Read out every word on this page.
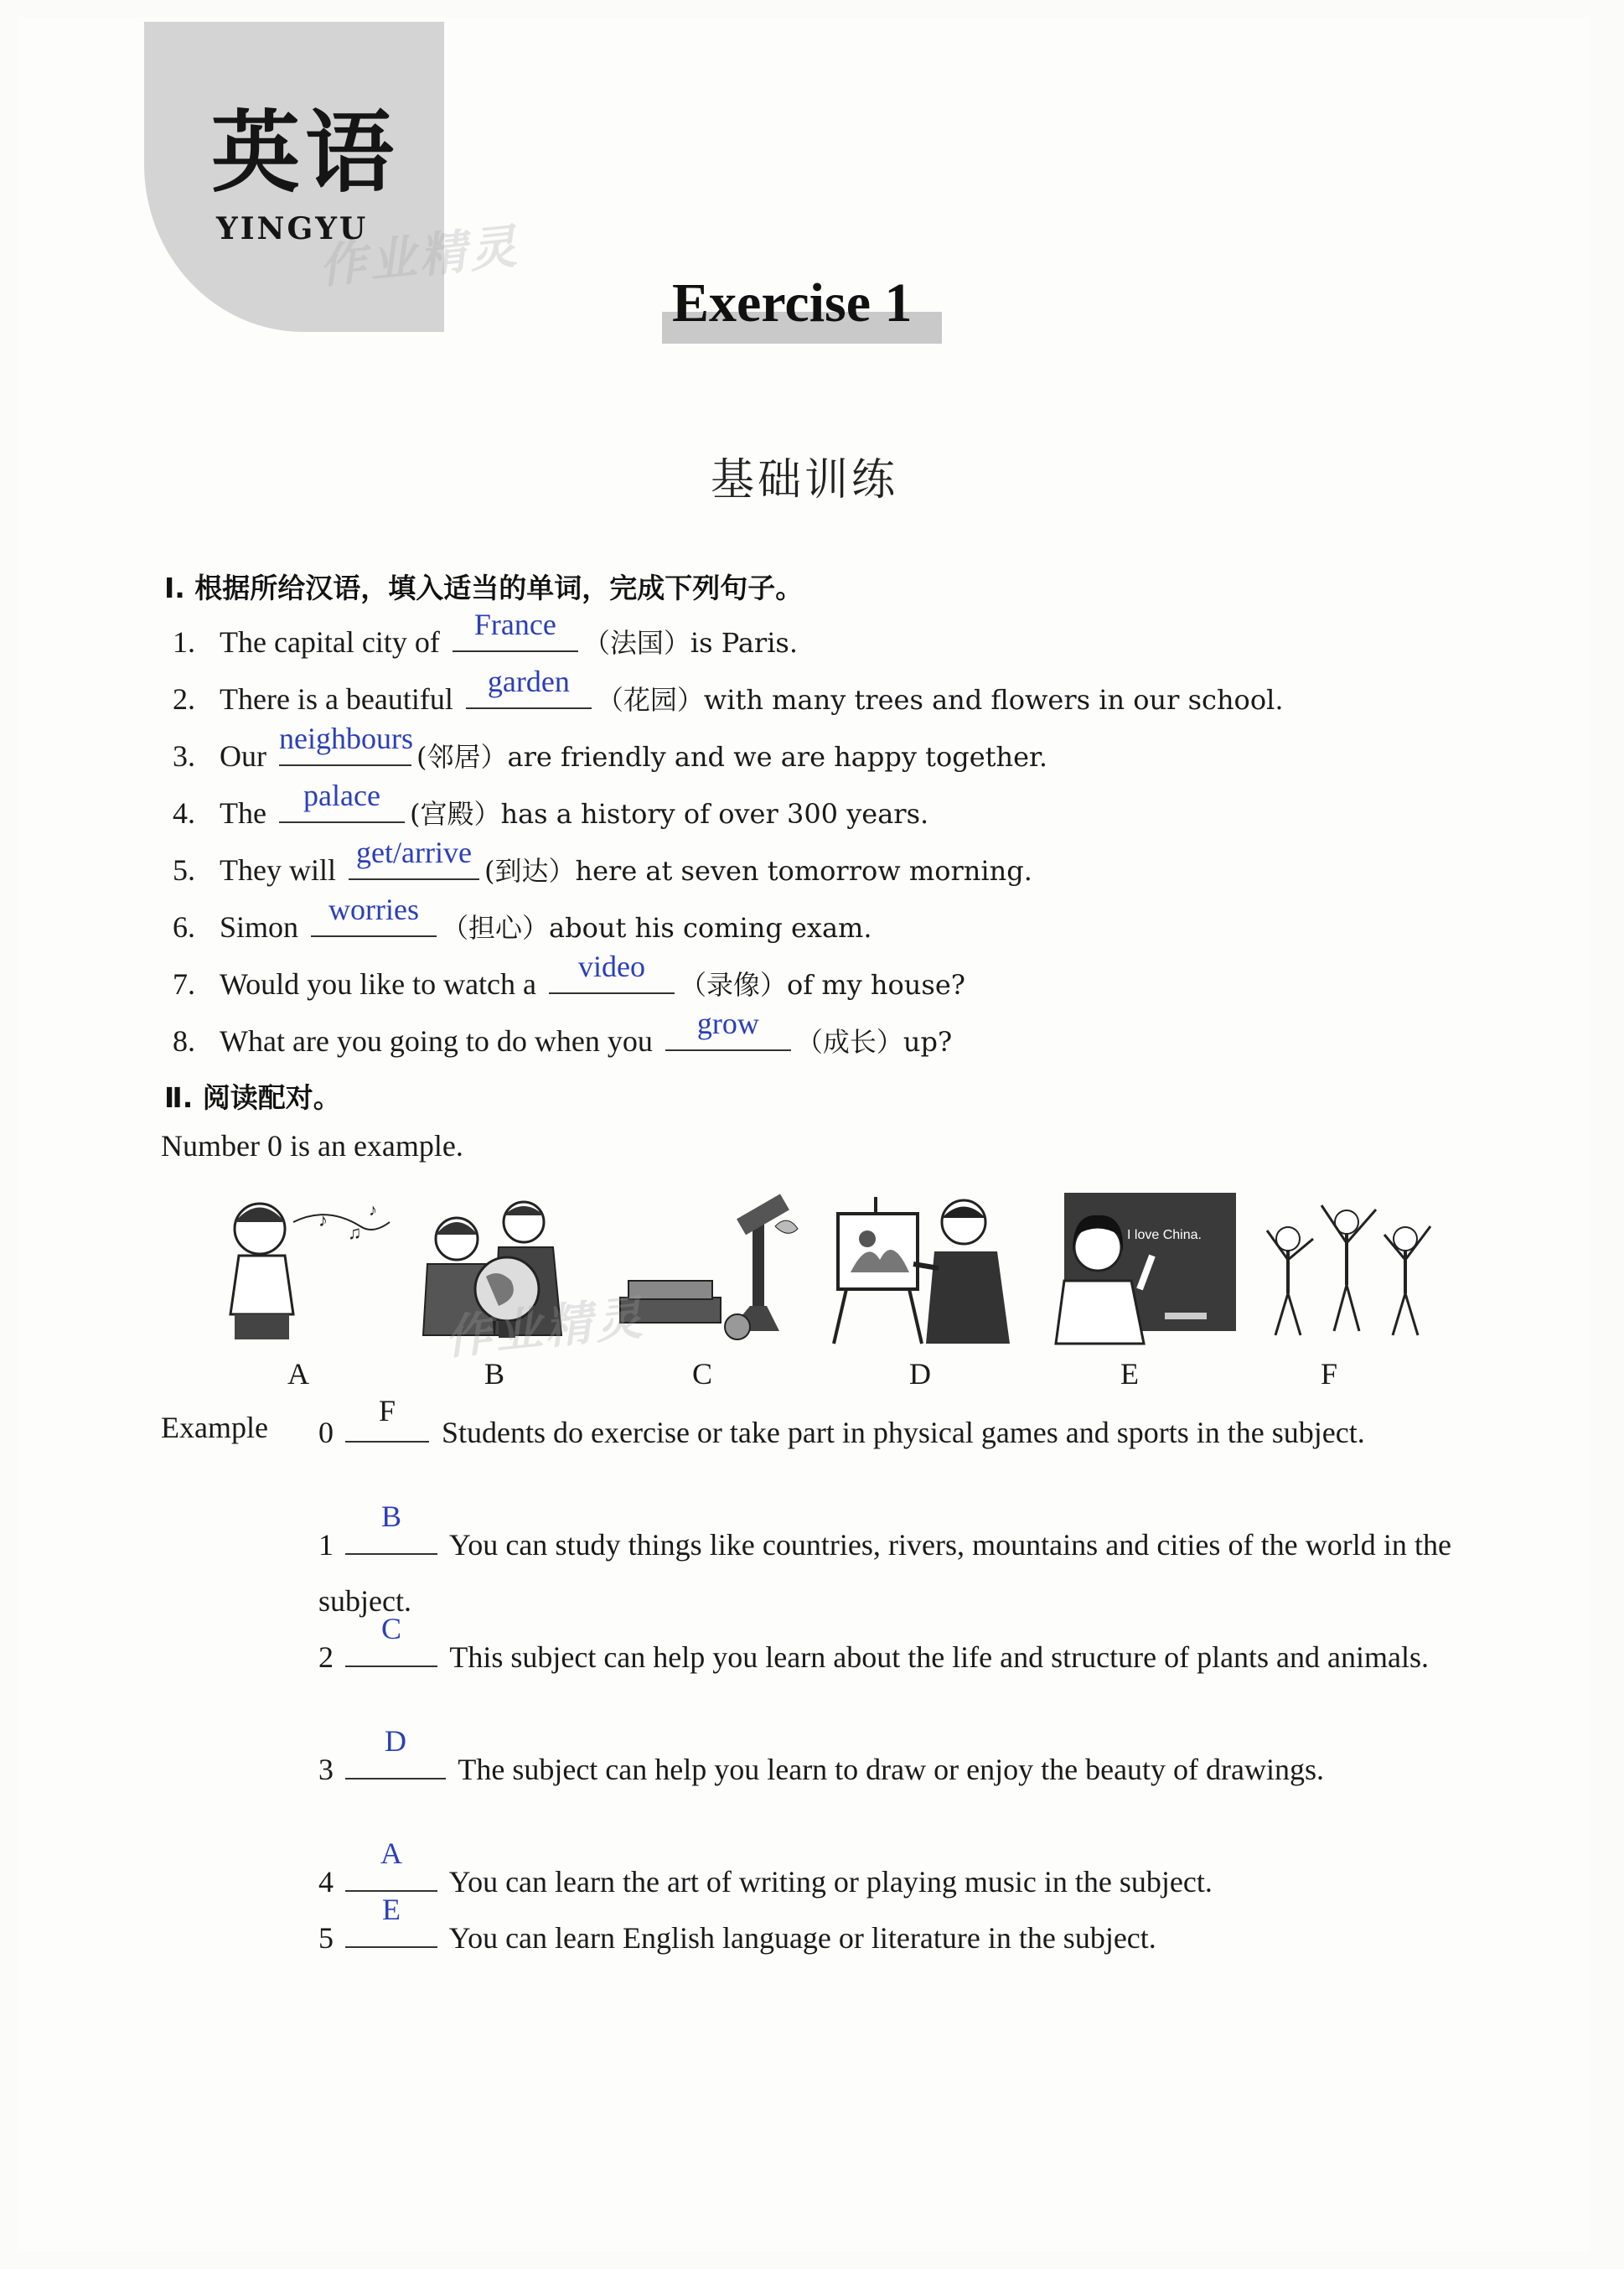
英语
YINGYU
作业精灵
Exercise 1
基础训练
Ⅰ. 根据所给汉语，填入适当的单词，完成下列句子。
1. The capital city of
France
（法国）is Paris.
2. There is a beautiful
garden
（花园）with many trees and flowers in our school.
3. Our
neighbours
(邻居）are friendly and we are happy together.
4. The
palace
(宫殿）has a history of over 300 years.
5. They will
get/arrive
(到达）here at seven tomorrow morning.
6. Simon
worries
（担心）about his coming exam.
7. Would you like to watch a
video
（录像）of my house?
8. What are you going to do when you
grow
（成长）up?
Ⅱ. 阅读配对。
Number 0 is an example.
♪
♫
♪
I love China.
作业精灵
A	B	C	D	E	F
Example 0
F
Students do exercise or take part in physical games and sports in the subject.
1
B
You can study things like countries, rivers, mountains and cities of the world in the subject.
2
C
This subject can help you learn about the life and structure of plants and animals.
3
D
The subject can help you learn to draw or enjoy the beauty of drawings.
4
A
You can learn the art of writing or playing music in the subject.
5
E
You can learn English language or literature in the subject.
